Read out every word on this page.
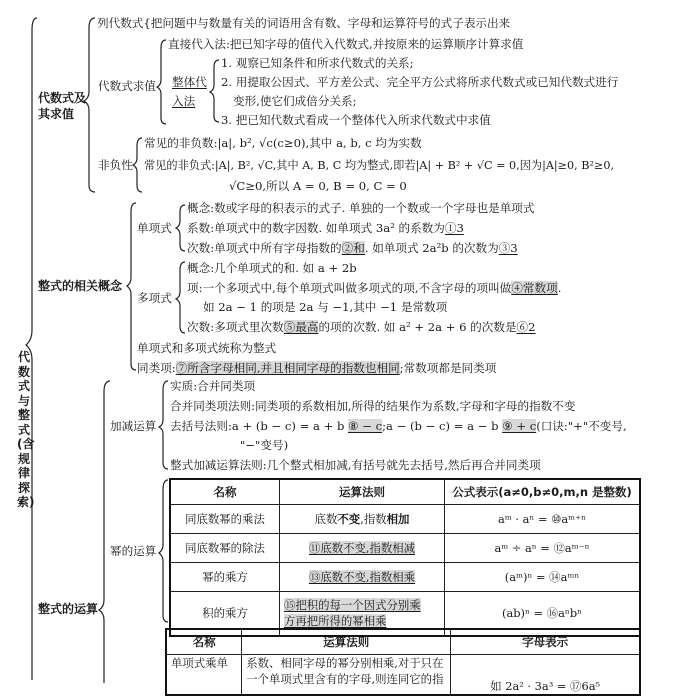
代数式与整式(含规律探索)
代数式及
其求值
列代数式{把问题中与数量有关的词语用含有数、字母和运算符号的式子表示出来
代数式求值
直接代入法:把已知字母的值代入代数式,并按原来的运算顺序计算求值
整体代
入法
1. 观察已知条件和所求代数式的关系;
2. 用提取公因式、平方差公式、完全平方公式将所求代数式或已知代数式进行
变形,使它们成倍分关系;
3. 把已知代数式看成一个整体代入所求代数式中求值
非负性
常见的非负数:|a|, b², √c(c≥0),其中 a, b, c 均为实数
常见的非负式:|A|, B², √C,其中 A, B, C 均为整式,即若|A| + B² + √C = 0,因为|A|≥0, B²≥0,
√C≥0,所以 A = 0, B = 0, C = 0
整式的相关概念
单项式
概念:数或字母的积表示的式子. 单独的一个数或一个字母也是单项式
系数:单项式中的数字因数. 如单项式 3a² 的系数为①3
次数:单项式中所有字母指数的②和. 如单项式 2a²b 的次数为③3
多项式
概念:几个单项式的和. 如 a + 2b
项:一个多项式中,每个单项式叫做多项式的项,不含字母的项叫做④常数项.
如 2a − 1 的项是 2a 与 −1,其中 −1 是常数项
次数:多项式里次数⑤最高的项的次数. 如 a² + 2a + 6 的次数是⑥2
单项式和多项式统称为整式
同类项:⑦所含字母相同,并且相同字母的指数也相同;常数项都是同类项
整式的运算
加减运算
实质:合并同类项
合并同类项法则:同类项的系数相加,所得的结果作为系数,字母和字母的指数不变
去括号法则:a + (b − c) = a + b ⑧ − c;a − (b − c) = a − b ⑨ + c(口诀:"+"不变号,
"−"变号)
整式加减运算法则:几个整式相加减,有括号就先去括号,然后再合并同类项
幂的运算
名称	运算法则	公式表示(a≠0,b≠0,m,n 是整数)
同底数幂的乘法	底数不变,指数相加	aᵐ · aⁿ = ⑩aᵐ⁺ⁿ
同底数幂的除法	⑪底数不变,指数相减	aᵐ ÷ aⁿ = ⑫aᵐ⁻ⁿ
幂的乘方	⑬底数不变,指数相乘	(aᵐ)ⁿ = ⑭aᵐⁿ
积的乘方	⑮把积的每一个因式分别乘
方再把所得的幂相乘	(ab)ⁿ = ⑯aⁿbⁿ
名称	运算法则	字母表示
单项式乘单	系数、相同字母的幂分别相乘,对于只在
一个单项式里含有的字母,则连同它的指	如 2a² · 3a³ = ⑰6a⁵
